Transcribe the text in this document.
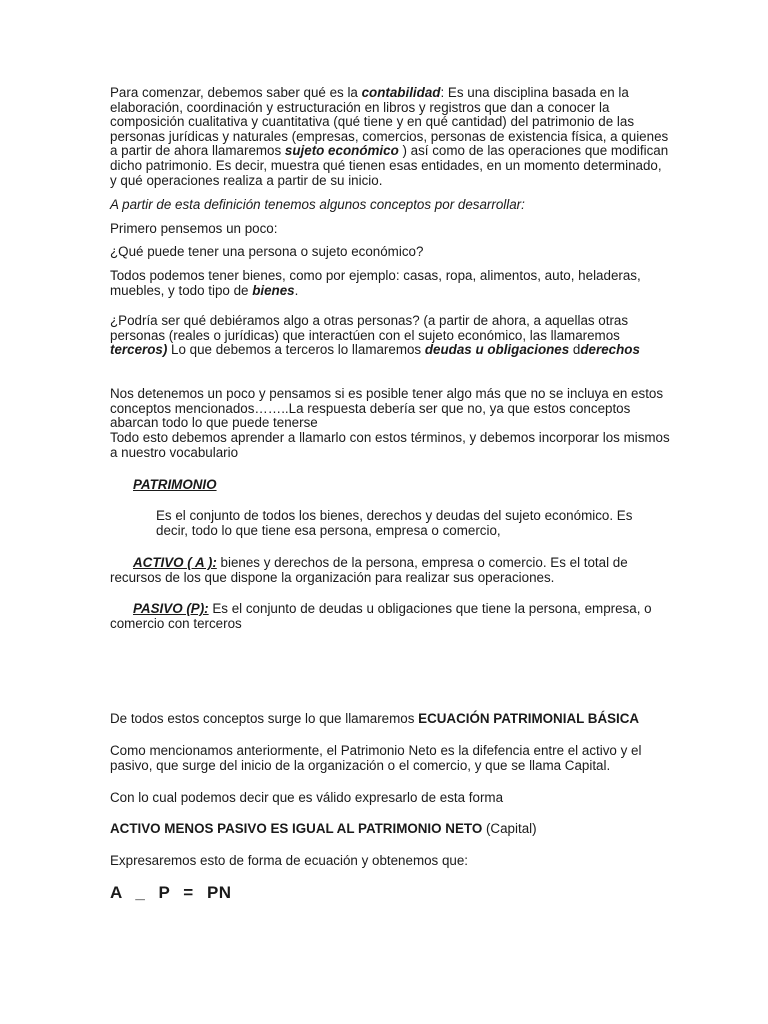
Para comenzar, debemos saber qué es la contabilidad: Es una disciplina basada en la elaboración, coordinación y estructuración en libros y registros que dan a conocer la composición cualitativa y cuantitativa (qué tiene y en qué cantidad) del patrimonio de las personas jurídicas y naturales (empresas, comercios, personas de existencia física, a quienes a partir de ahora llamaremos sujeto económico ) así como de las operaciones que modifican dicho patrimonio. Es decir, muestra qué tienen esas entidades, en un momento determinado, y qué operaciones realiza a partir de su inicio.

A partir de esta definición tenemos algunos conceptos por desarrollar:

Primero pensemos un poco:

¿Qué puede tener una persona o sujeto económico?

Todos podemos tener bienes, como por ejemplo: casas, ropa, alimentos, auto, heladeras, muebles, y todo tipo de bienes.

¿Podría ser qué debiéramos algo a otras personas? (a partir de ahora, a aquellas otras personas (reales o jurídicas) que interactúen con el sujeto económico, las llamaremos terceros) Lo que debemos a terceros lo llamaremos deudas u obligaciones dderechos

Nos detenemos un poco y pensamos si es posible tener algo más que no se incluya en estos conceptos mencionados……..La respuesta debería ser que no, ya que estos conceptos abarcan todo lo que puede tenerse

Todo esto debemos aprender a llamarlo con estos términos, y debemos incorporar los mismos a nuestro vocabulario

PATRIMONIO

Es el conjunto de todos los bienes, derechos y deudas del sujeto económico. Es decir, todo lo que tiene esa persona, empresa o comercio,

ACTIVO ( A ): bienes y derechos de la persona, empresa o comercio. Es el total de recursos de los que dispone la organización para realizar sus operaciones.

PASIVO (P): Es el conjunto de deudas u obligaciones que tiene la persona, empresa, o comercio con terceros

De todos estos conceptos surge lo que llamaremos ECUACIÓN PATRIMONIAL BÁSICA

Como mencionamos anteriormente, el Patrimonio Neto es la difefencia entre el activo y el pasivo, que surge del inicio de la organización o el comercio, y que se llama Capital.

Con lo cual podemos decir que es válido expresarlo de esta forma

ACTIVO MENOS PASIVO ES IGUAL AL PATRIMONIO NETO (Capital)

Expresaremos esto de forma de ecuación y obtenemos que:

A _ P = PN
